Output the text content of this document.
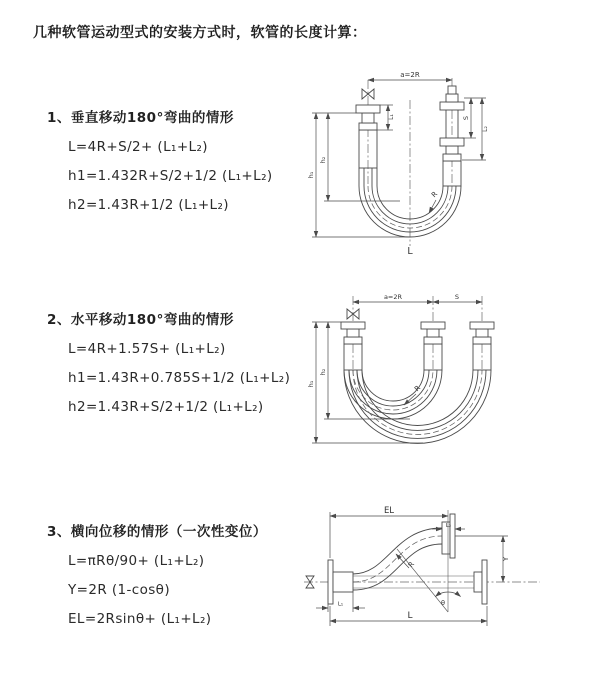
几种软管运动型式的安装方式时，软管的长度计算：
1、垂直移动180°弯曲的情形
L=4R+S/2+ (L₁+L₂)
h1=1.432R+S/2+1/2 (L₁+L₂)
h2=1.43R+1/2 (L₁+L₂)
2、水平移动180°弯曲的情形
L=4R+1.57S+ (L₁+L₂)
h1=1.43R+0.785S+1/2 (L₁+L₂)
h2=1.43R+S/2+1/2 (L₁+L₂)
3、横向位移的情形（一次性变位）
L=πRθ/90+ (L₁+L₂)
Y=2R (1-cosθ)
EL=2Rsinθ+ (L₁+L₂)
a=2R
S
L₂
L₁
h₁
h₂
R
L
a=2R	S
h₁
h₂
R
θ
EL
L₂
Y
R
L₁
L
